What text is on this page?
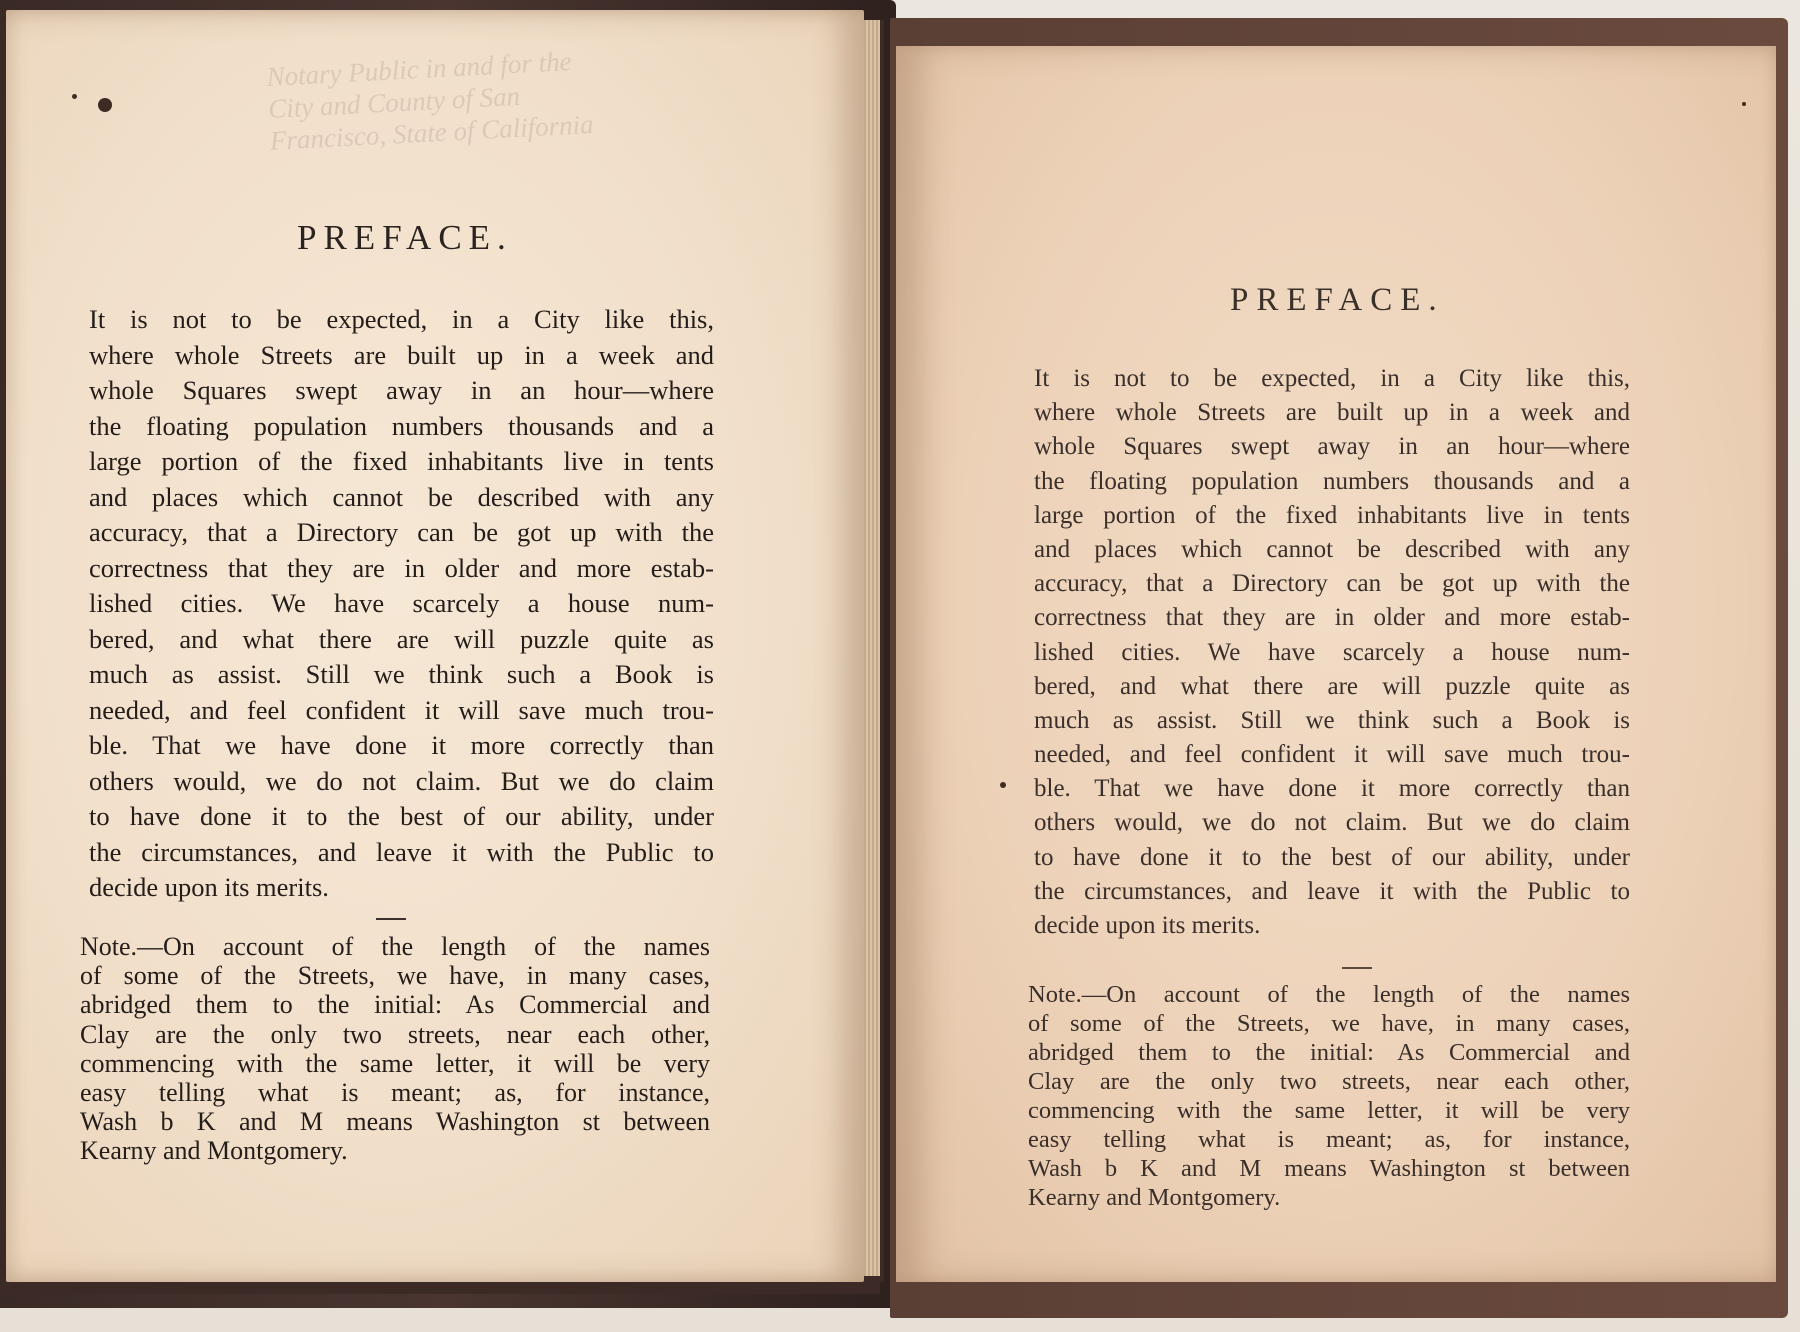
Notary Public in and for the
City and County of San
Francisco, State of California
PREFACE.
It is not to be expected, in a City like this,
where whole Streets are built up in a week and
whole Squares swept away in an hour—where
the floating population numbers thousands and a
large portion of the fixed inhabitants live in tents
and places which cannot be described with any
accuracy, that a Directory can be got up with the
correctness that they are in older and more estab-
lished cities. We have scarcely a house num-
bered, and what there are will puzzle quite as
much as assist. Still we think such a Book is
needed, and feel confident it will save much trou-
ble. That we have done it more correctly than
others would, we do not claim. But we do claim
to have done it to the best of our ability, under
the circumstances, and leave it with the Public to
decide upon its merits.
Note.—On account of the length of the names
of some of the Streets, we have, in many cases,
abridged them to the initial: As Commercial and
Clay are the only two streets, near each other,
commencing with the same letter, it will be very
easy telling what is meant; as, for instance,
Wash b K and M means Washington st between
Kearny and Montgomery.
PREFACE.
It is not to be expected, in a City like this,
where whole Streets are built up in a week and
whole Squares swept away in an hour—where
the floating population numbers thousands and a
large portion of the fixed inhabitants live in tents
and places which cannot be described with any
accuracy, that a Directory can be got up with the
correctness that they are in older and more estab-
lished cities. We have scarcely a house num-
bered, and what there are will puzzle quite as
much as assist. Still we think such a Book is
needed, and feel confident it will save much trou-
ble. That we have done it more correctly than
others would, we do not claim. But we do claim
to have done it to the best of our ability, under
the circumstances, and leave it with the Public to
decide upon its merits.
Note.—On account of the length of the names
of some of the Streets, we have, in many cases,
abridged them to the initial: As Commercial and
Clay are the only two streets, near each other,
commencing with the same letter, it will be very
easy telling what is meant; as, for instance,
Wash b K and M means Washington st between
Kearny and Montgomery.
